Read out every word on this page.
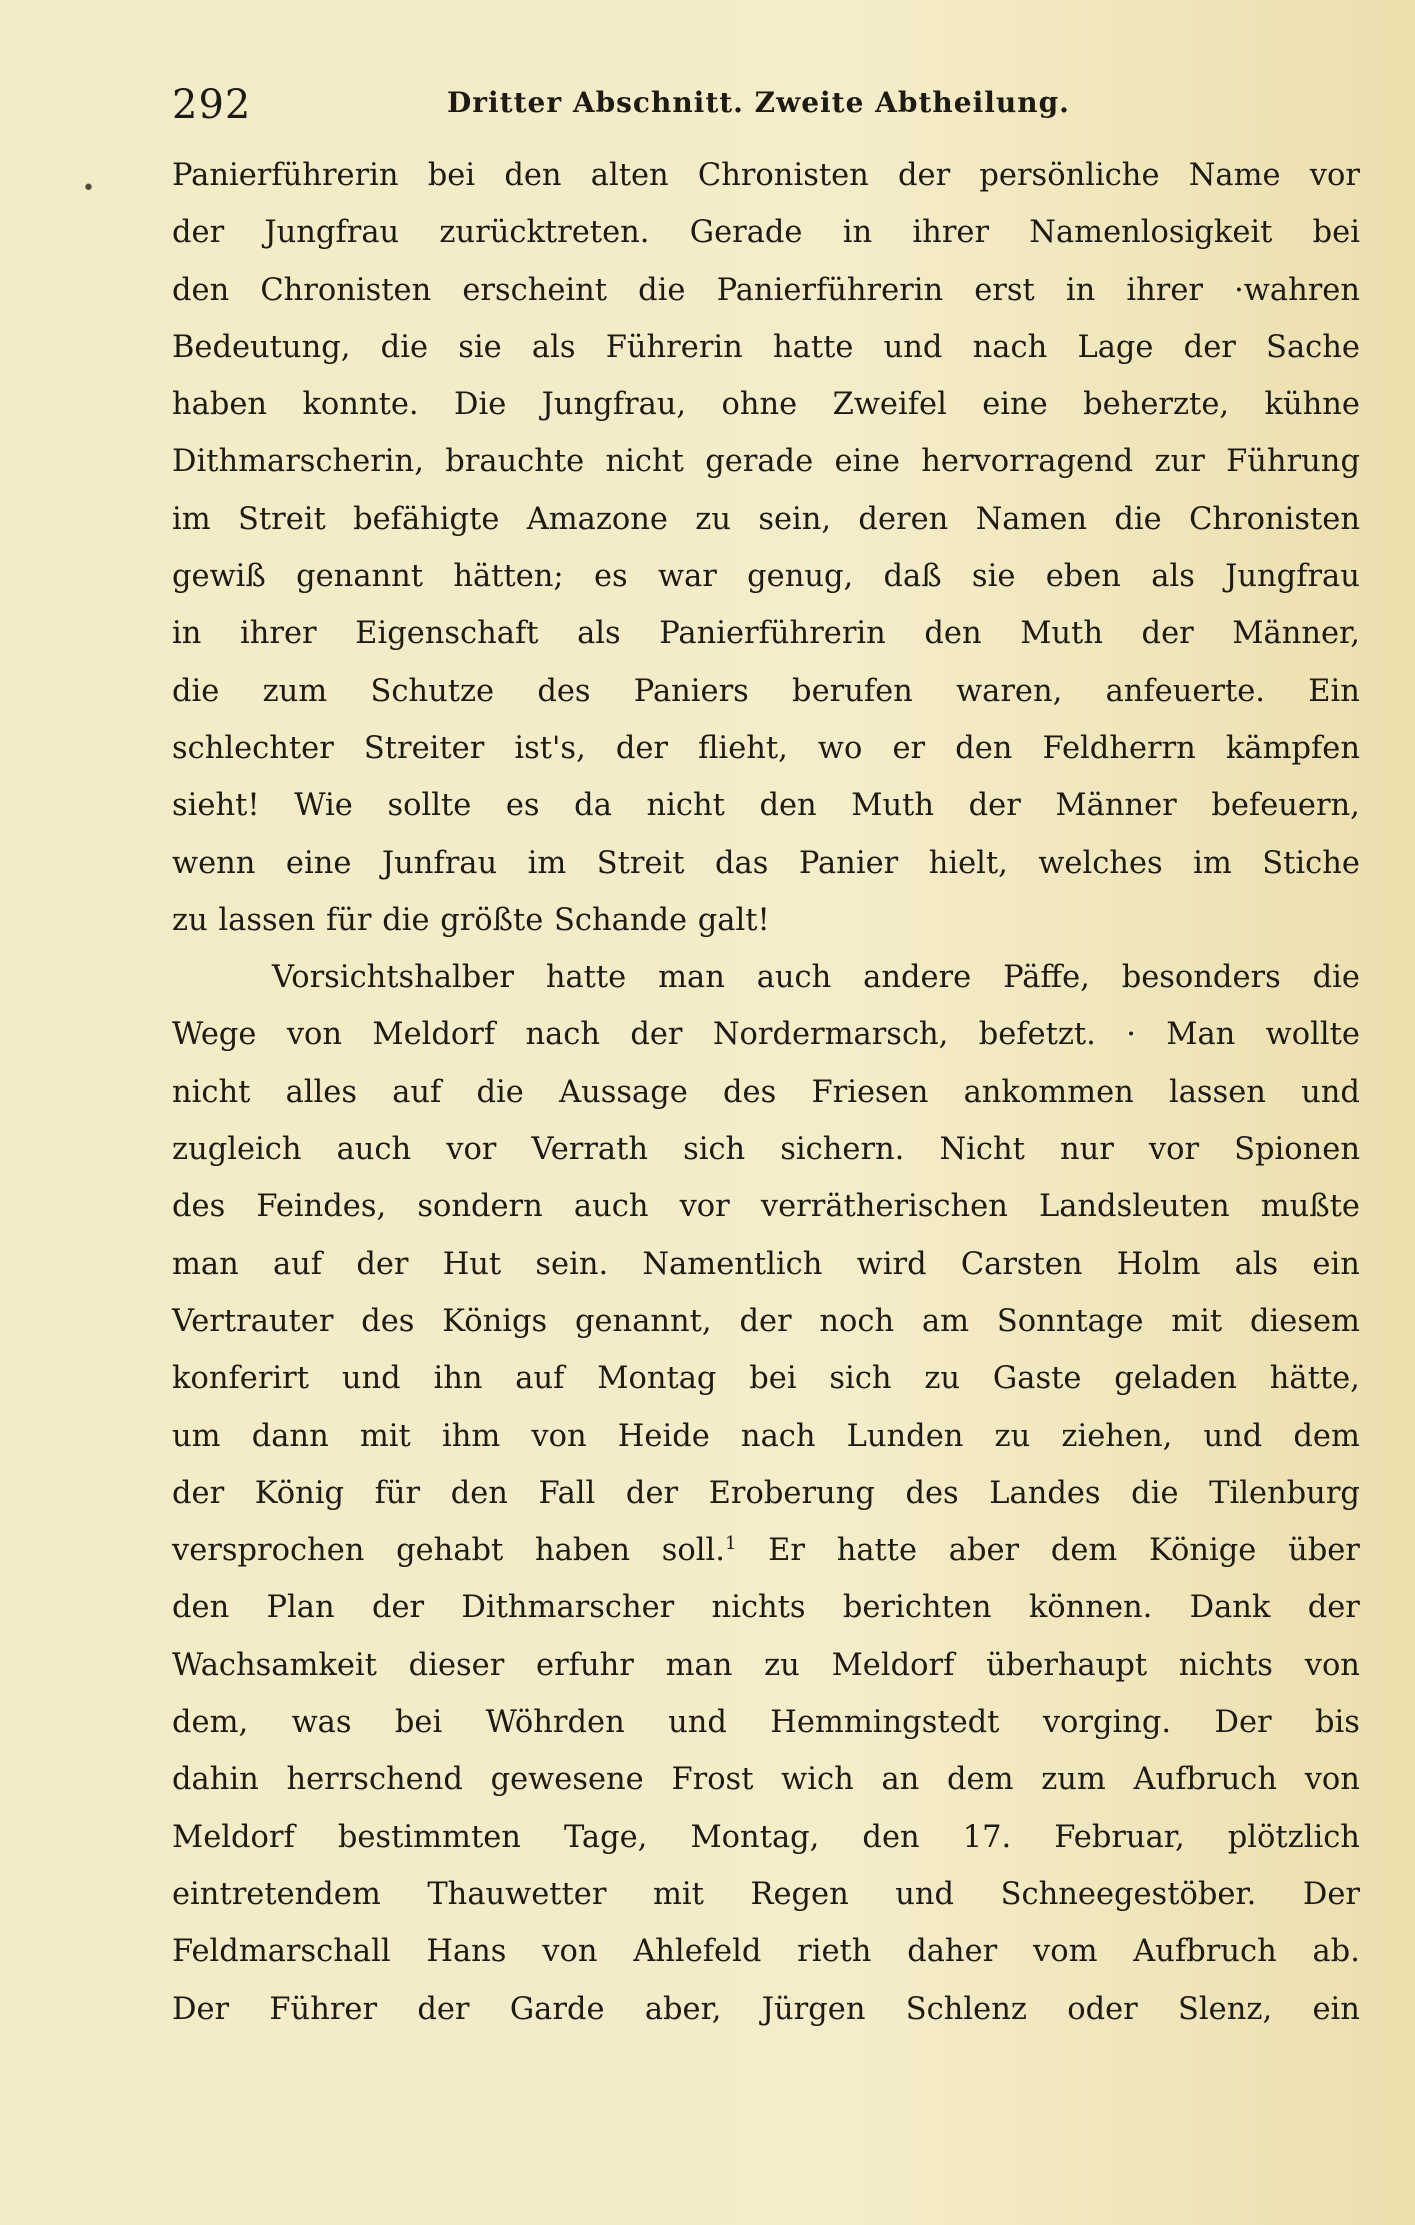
292	Dritter Abschnitt. Zweite Abtheilung.
•	Panierführerin bei den alten Chronisten der persönliche Name vor
der Jungfrau zurücktreten. Gerade in ihrer Namenlosigkeit bei
den Chronisten erscheint die Panierführerin erst in ihrer ·wahren
Bedeutung, die sie als Führerin hatte und nach Lage der Sache
haben konnte. Die Jungfrau, ohne Zweifel eine beherzte, kühne
Dithmarscherin, brauchte nicht gerade eine hervorragend zur Führung
im Streit befähigte Amazone zu sein, deren Namen die Chronisten
gewiß genannt hätten; es war genug, daß sie eben als Jungfrau
in ihrer Eigenschaft als Panierführerin den Muth der Männer,
die zum Schutze des Paniers berufen waren, anfeuerte. Ein
schlechter Streiter ist's, der flieht, wo er den Feldherrn kämpfen
sieht! Wie sollte es da nicht den Muth der Männer befeuern,
wenn eine Junfrau im Streit das Panier hielt, welches im Stiche
zu lassen für die größte Schande galt!
Vorsichtshalber hatte man auch andere Päffe, besonders die
Wege von Meldorf nach der Nordermarsch, befetzt. · Man wollte
nicht alles auf die Aussage des Friesen ankommen lassen und
zugleich auch vor Verrath sich sichern. Nicht nur vor Spionen
des Feindes, sondern auch vor verrätherischen Landsleuten mußte
man auf der Hut sein. Namentlich wird Carsten Holm als ein
Vertrauter des Königs genannt, der noch am Sonntage mit diesem
konferirt und ihn auf Montag bei sich zu Gaste geladen hätte,
um dann mit ihm von Heide nach Lunden zu ziehen, und dem
der König für den Fall der Eroberung des Landes die Tilenburg
versprochen gehabt haben soll.$^1$ Er hatte aber dem Könige über
den Plan der Dithmarscher nichts berichten können. Dank der
Wachsamkeit dieser erfuhr man zu Meldorf überhaupt nichts von
dem, was bei Wöhrden und Hemmingstedt vorging. Der bis
dahin herrschend gewesene Frost wich an dem zum Aufbruch von
Meldorf bestimmten Tage, Montag, den 17. Februar, plötzlich
eintretendem Thauwetter mit Regen und Schneegestöber. Der
Feldmarschall Hans von Ahlefeld rieth daher vom Aufbruch ab.
Der Führer der Garde aber, Jürgen Schlenz oder Slenz, ein
